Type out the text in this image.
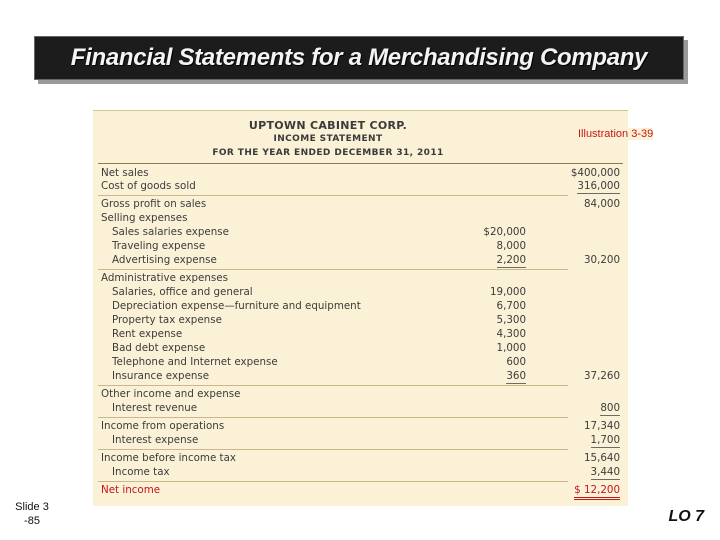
Financial Statements for a Merchandising Company
UPTOWN CABINET CORP.
INCOME STATEMENT
FOR THE YEAR ENDED DECEMBER 31, 2011
Net sales	$400,000
Cost of goods sold	316,000
Gross profit on sales	84,000
Selling expenses
Sales salaries expense	$20,000
Traveling expense	8,000
Advertising expense	2,200	30,200
Administrative expenses
Salaries, office and general	19,000
Depreciation expense—furniture and equipment	6,700
Property tax expense	5,300
Rent expense	4,300
Bad debt expense	1,000
Telephone and Internet expense	600
Insurance expense	360	37,260
Other income and expense
Interest revenue	800
Income from operations	17,340
Interest expense	1,700
Income before income tax	15,640
Income tax	3,440
Net income	$ 12,200
Illustration 3-39
Slide 3
-85	LO 7
